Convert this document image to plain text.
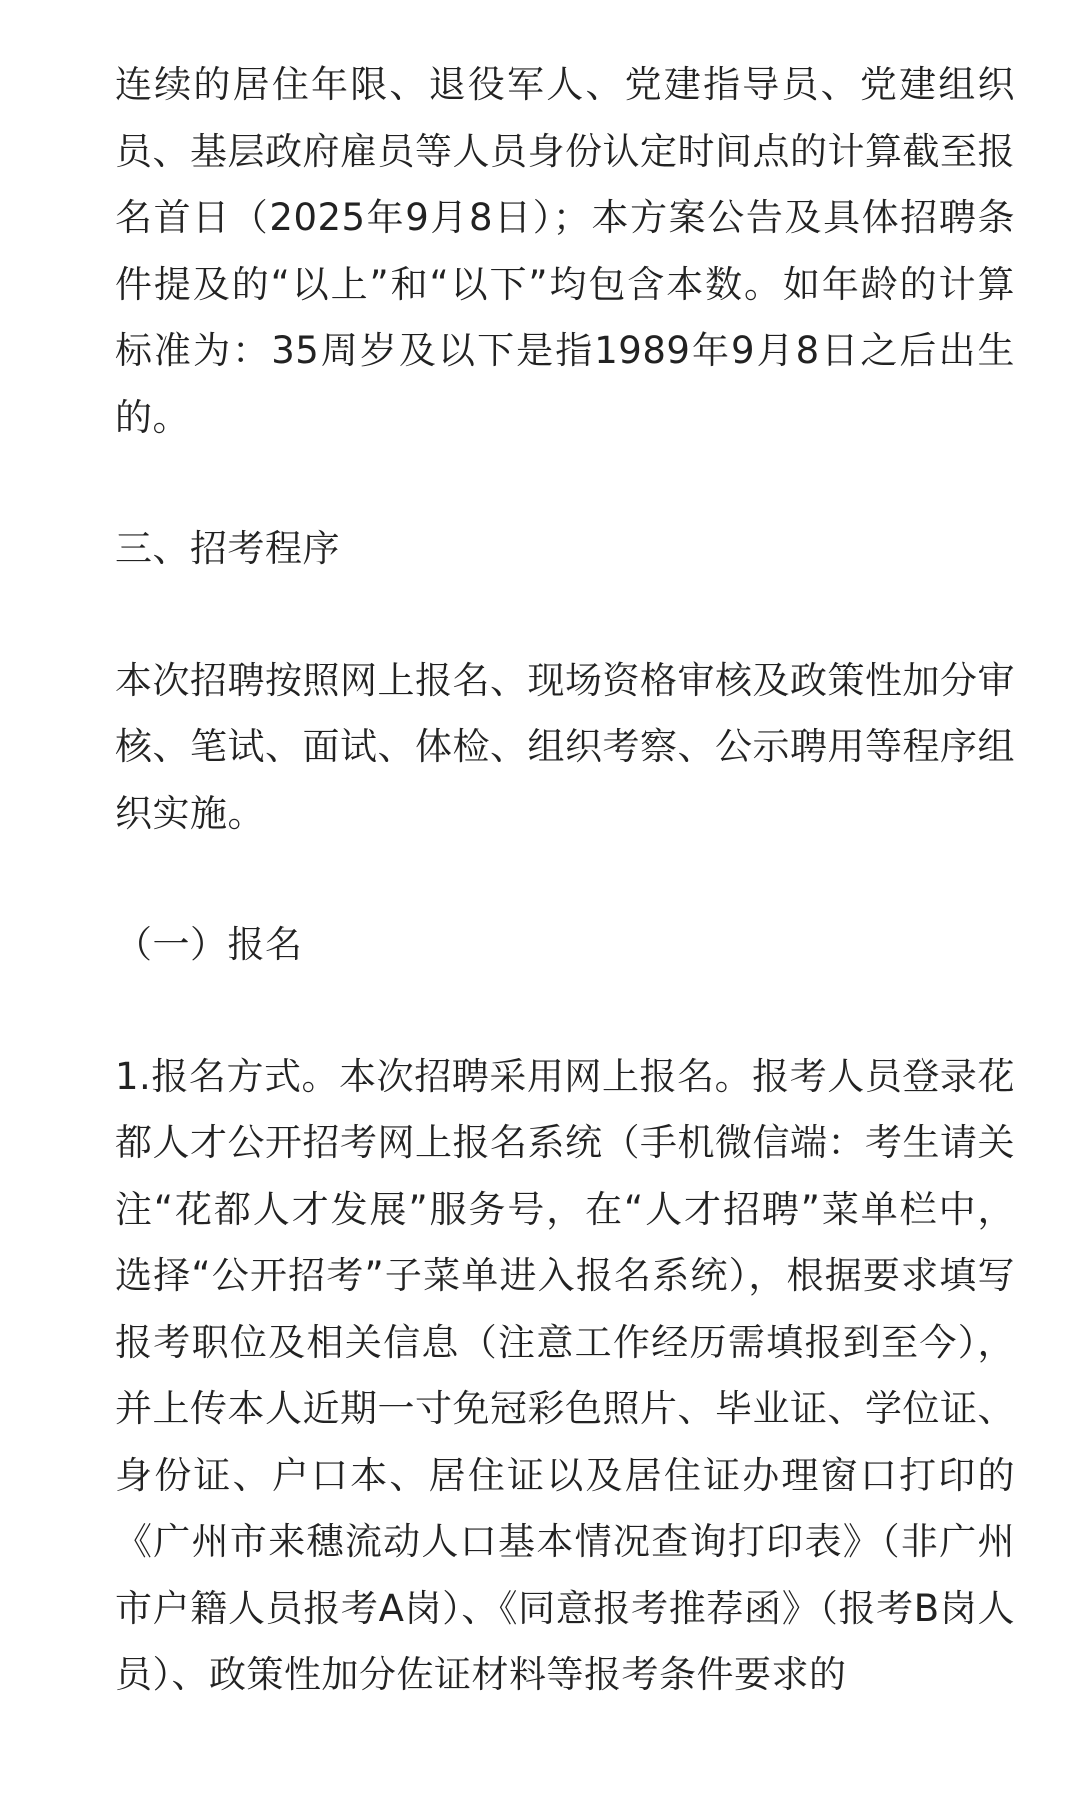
连续的居住年限、退役军人、党建指导员、党建组织员、基层政府雇员等人员身份认定时间点的计算截至报名首日（2025年9月8日）；本方案公告及具体招聘条件提及的“以上”和“以下”均包含本数。如年龄的计算标准为：35周岁及以下是指1989年9月8日之后出生的。

三、招考程序

本次招聘按照网上报名、现场资格审核及政策性加分审核、笔试、面试、体检、组织考察、公示聘用等程序组织实施。

（一）报名

1.报名方式。本次招聘采用网上报名。报考人员登录花都人才公开招考网上报名系统（手机微信端：考生请关注“花都人才发展”服务号，在“人才招聘”菜单栏中，选择“公开招考”子菜单进入报名系统），根据要求填写报考职位及相关信息（注意工作经历需填报到至今），并上传本人近期一寸免冠彩色照片、毕业证、学位证、身份证、户口本、居住证以及居住证办理窗口打印的《广州市来穗流动人口基本情况查询打印表》（非广州市户籍人员报考A岗）、《同意报考推荐函》（报考B岗人员）、政策性加分佐证材料等报考条件要求的
